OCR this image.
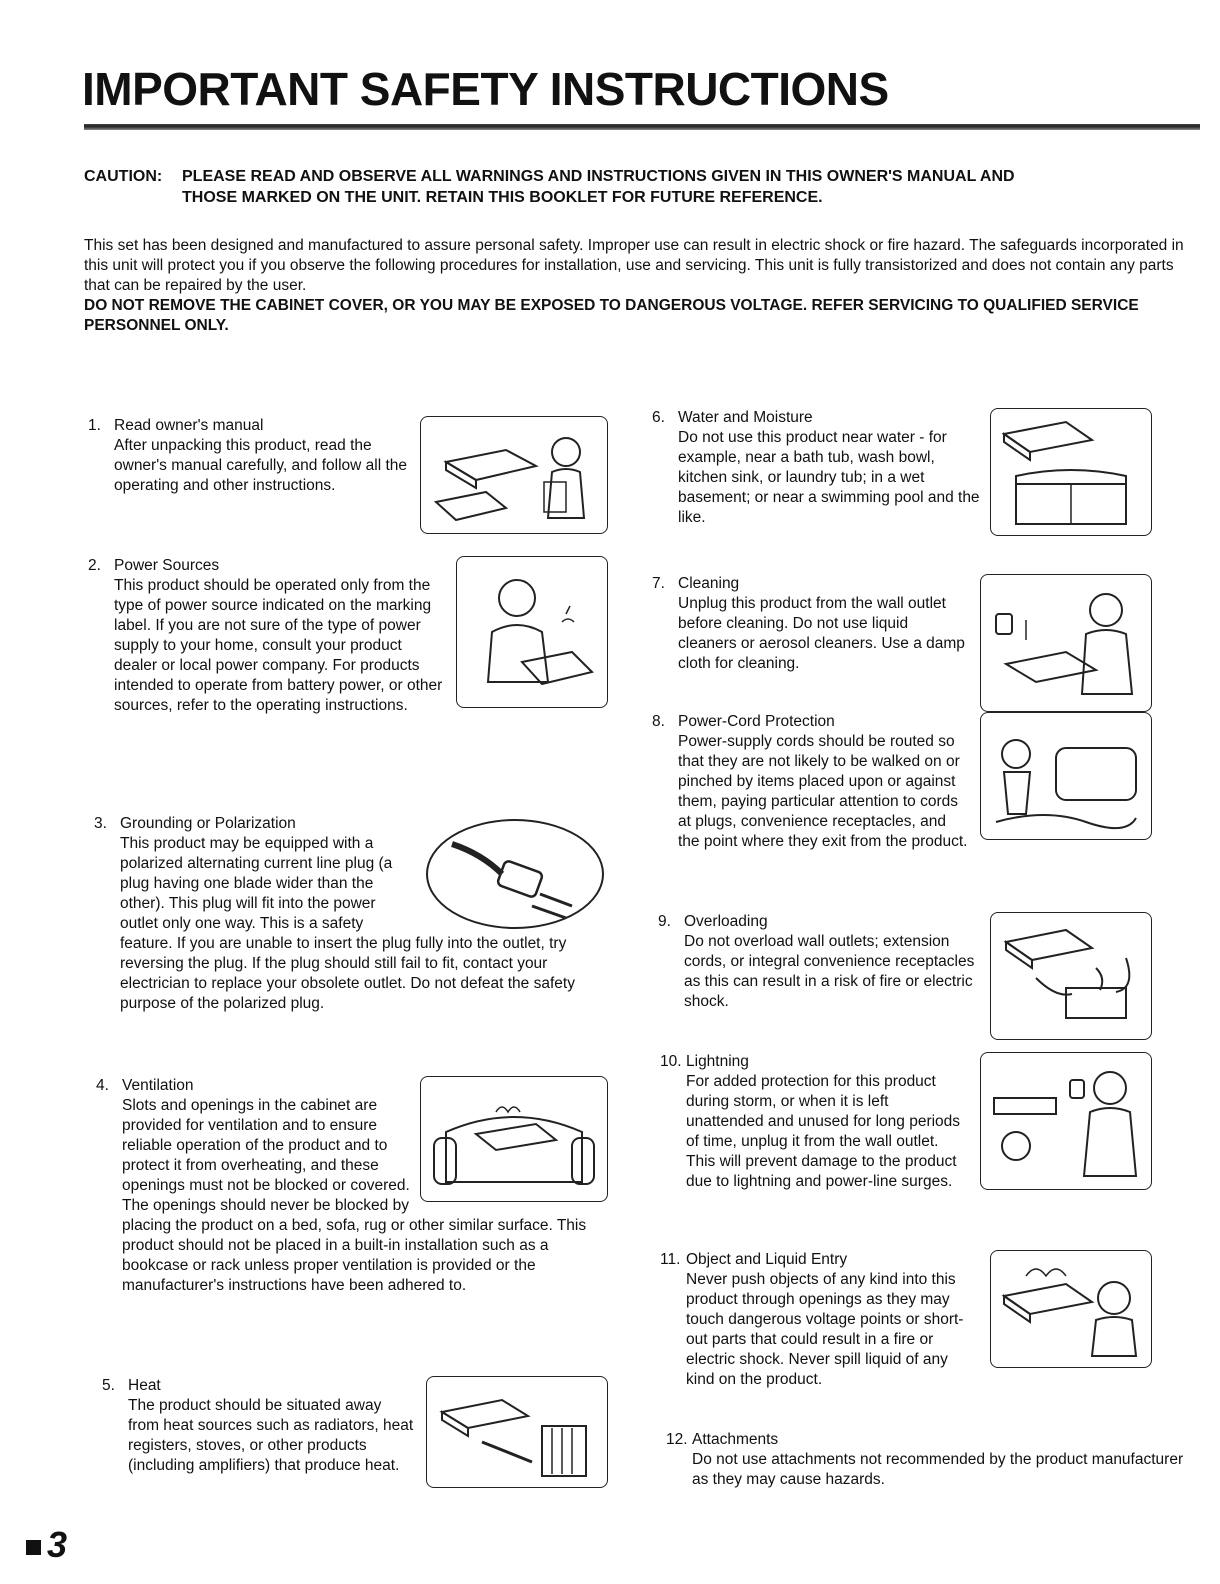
IMPORTANT SAFETY INSTRUCTIONS
CAUTION: PLEASE READ AND OBSERVE ALL WARNINGS AND INSTRUCTIONS GIVEN IN THIS OWNER'S MANUAL AND
THOSE MARKED ON THE UNIT. RETAIN THIS BOOKLET FOR FUTURE REFERENCE.
This set has been designed and manufactured to assure personal safety. Improper use can result in electric shock or fire hazard. The safeguards incorporated in this unit will protect you if you observe the following procedures for installation, use and servicing. This unit is fully transistorized and does not contain any parts that can be repaired by the user.
DO NOT REMOVE THE CABINET COVER, OR YOU MAY BE EXPOSED TO DANGEROUS VOLTAGE. REFER SERVICING TO QUALIFIED SERVICE PERSONNEL ONLY.
1. Read owner's manual
After unpacking this product, read the owner's manual carefully, and follow all the operating and other instructions.
2. Power Sources
This product should be operated only from the type of power source indicated on the marking label. If you are not sure of the type of power supply to your home, consult your product dealer or local power company. For products intended to operate from battery power, or other sources, refer to the operating instructions.
3. Grounding or Polarization
This product may be equipped with a polarized alternating current line plug (a plug having one blade wider than the other). This plug will fit into the power outlet only one way. This is a safety feature. If you are unable to insert the plug fully into the outlet, try reversing the plug. If the plug should still fail to fit, contact your electrician to replace your obsolete outlet. Do not defeat the safety purpose of the polarized plug.
4. Ventilation
Slots and openings in the cabinet are provided for ventilation and to ensure reliable operation of the product and to protect it from overheating, and these openings must not be blocked or covered. The openings should never be blocked by placing the product on a bed, sofa, rug or other similar surface. This product should not be placed in a built-in installation such as a bookcase or rack unless proper ventilation is provided or the manufacturer's instructions have been adhered to.
5. Heat
The product should be situated away from heat sources such as radiators, heat registers, stoves, or other products (including amplifiers) that produce heat.
6. Water and Moisture
Do not use this product near water - for example, near a bath tub, wash bowl, kitchen sink, or laundry tub; in a wet basement; or near a swimming pool and the like.
7. Cleaning
Unplug this product from the wall outlet before cleaning. Do not use liquid cleaners or aerosol cleaners. Use a damp cloth for cleaning.
8. Power-Cord Protection
Power-supply cords should be routed so that they are not likely to be walked on or pinched by items placed upon or against them, paying particular attention to cords at plugs, convenience receptacles, and the point where they exit from the product.
9. Overloading
Do not overload wall outlets; extension cords, or integral convenience receptacles as this can result in a risk of fire or electric shock.
10. Lightning
For added protection for this product during storm, or when it is left unattended and unused for long periods of time, unplug it from the wall outlet. This will prevent damage to the product due to lightning and power-line surges.
11. Object and Liquid Entry
Never push objects of any kind into this product through openings as they may touch dangerous voltage points or short-out parts that could result in a fire or electric shock. Never spill liquid of any kind on the product.
12. Attachments
Do not use attachments not recommended by the product manufacturer as they may cause hazards.
3
